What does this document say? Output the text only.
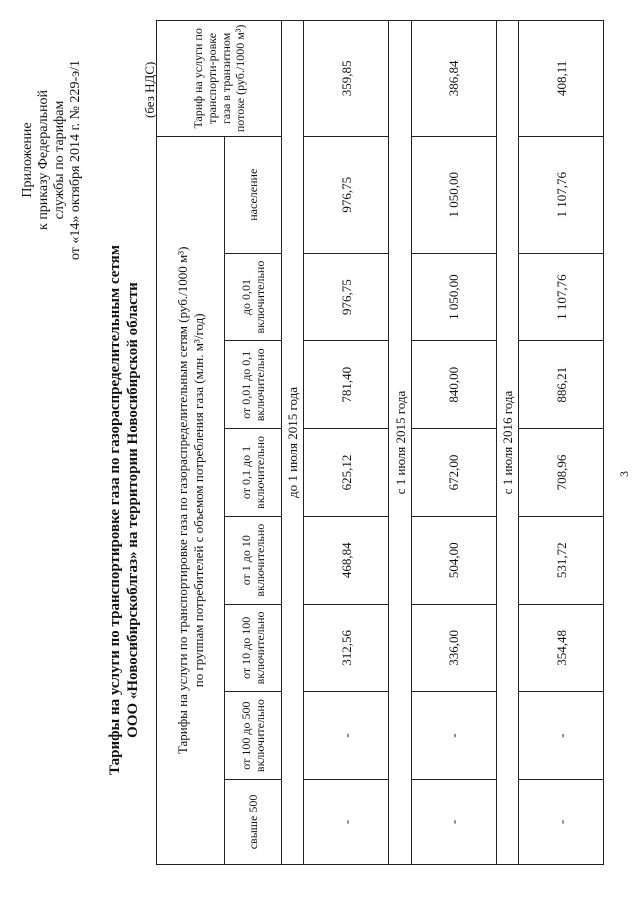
Приложение к приказу Федеральной службы по тарифам от «14» октября 2014 г. № 229-э/1
Тарифы на услуги по транспортировке газа по газораспределительным сетям ООО «Новосибирскоблгаз» на территории Новосибирской области
(без НДС)
Тарифы на услуги по транспортировке газа по газораспределительным сетям (руб./1000 м³) по группам потребителей с объемом потребления газа (млн. м³/год)								Тариф на услуги по транспорти-ровке газа в транзитном потоке (руб./1000 м³)
свыше 500	от 100 до 500 включительно	от 10 до 100 включительно	от 1 до 10 включительно	от 0,1 до 1 включительно	от 0,01 до 0,1 включительно	до 0,01 включительно	население	
до 1 июля 2015 года								
-	-	312,56	468,84	625,12	781,40	976,75	976,75	359,85
с 1 июля 2015 года								
-	-	336,00	504,00	672,00	840,00	1 050,00	1 050,00	386,84
с 1 июля 2016 года								
-	-	354,48	531,72	708,96	886,21	1 107,76	1 107,76	408,11
3
